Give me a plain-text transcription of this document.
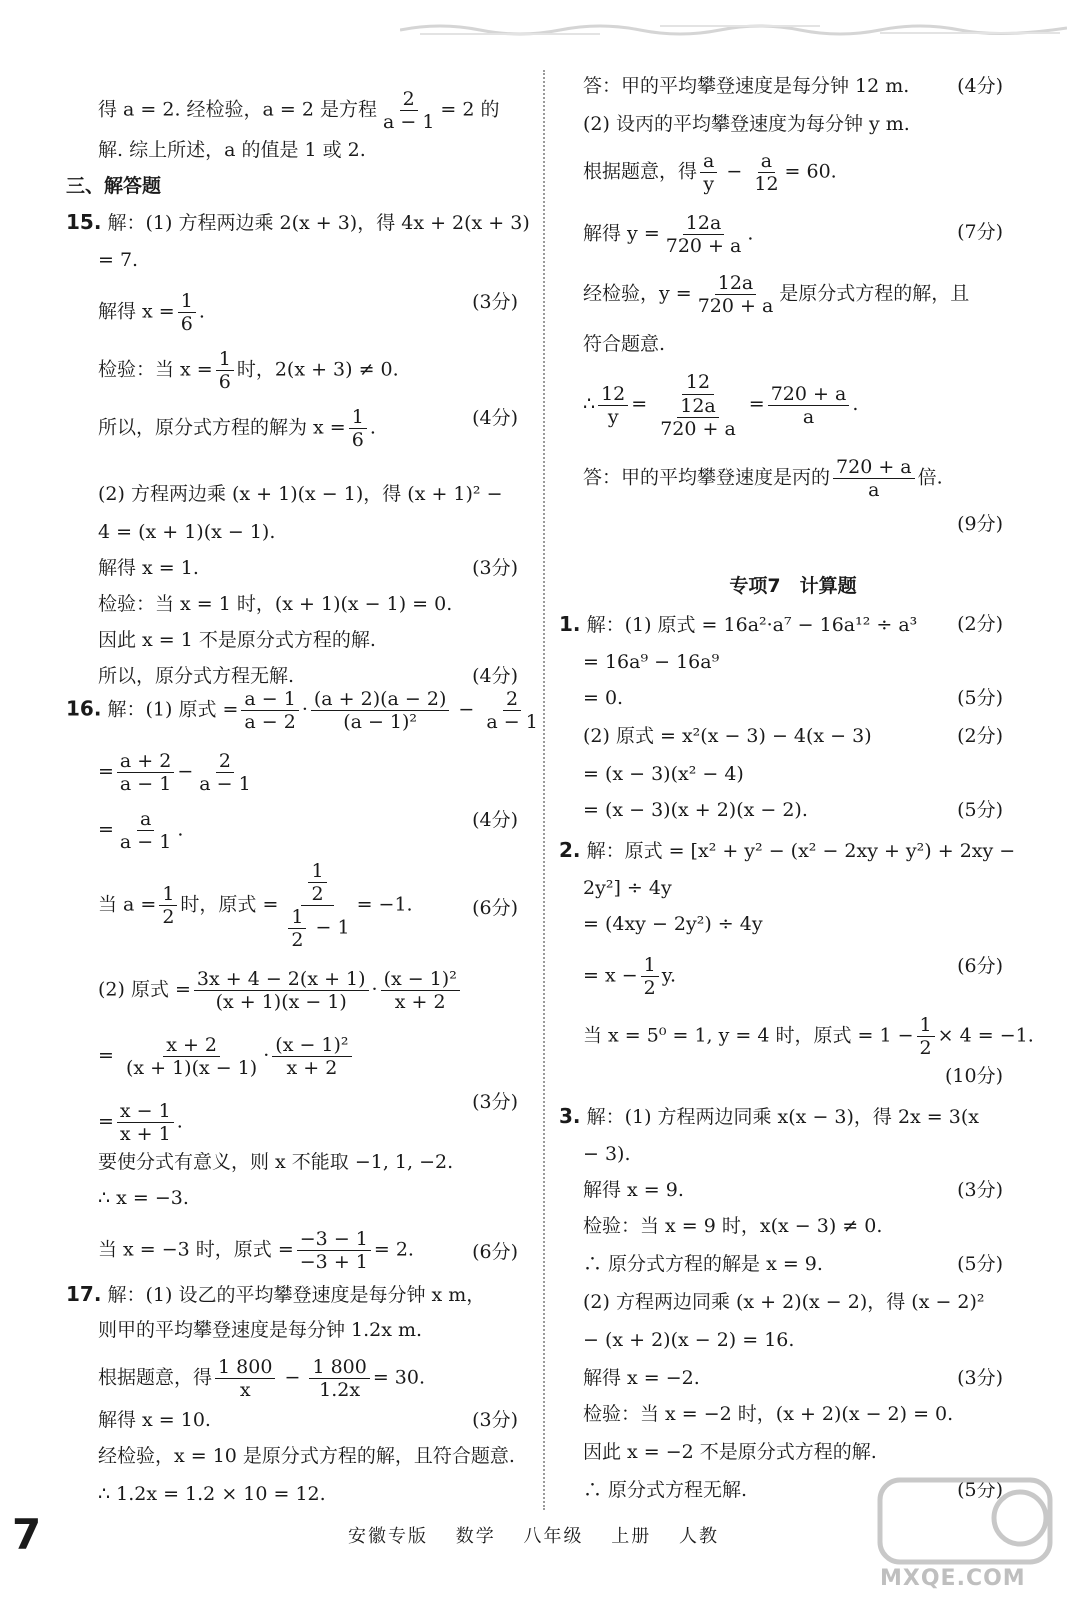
得 a = 2. 经检验，a = 2 是方程 $\frac{2}{a - 1} = 2$ 的
解. 综上所述，a 的值是 1 或 2.
三、解答题
15. 解：(1) 方程两边乘 2(x + 3)，得 4x + 2(x + 3)
= 7.
解得 $x = \frac{1}{6}$ .	(3分)
检验：当 $x = \frac{1}{6}$ 时，2(x + 3) ≠ 0.
所以，原分式方程的解为 $x = \frac{1}{6}$ .	(4分)
(2) 方程两边乘 (x + 1)(x − 1)，得 (x + 1)² −
4 = (x + 1)(x − 1).
解得 x = 1.	(3分)
检验：当 x = 1 时，(x + 1)(x − 1) = 0.
因此 x = 1 不是原分式方程的解.
所以，原分式方程无解.	(4分)
16. 解：(1) 原式 = $\frac{a - 1}{a - 2} \cdot \frac{(a + 2)(a - 2)}{\text{(a − 1)²}} - \frac{2}{a - 1}$
= $\frac{a + 2}{a - 1} - \frac{2}{a - 1}$
= $\frac{a}{a - 1}$ .	(4分)
当 $a = \frac{1}{2}$ 时，原式 = $\frac{\frac{1}{2}}{\frac{1}{2} - 1} = -1$.	(6分)
(2) 原式 = $\frac{3x + 4 - 2(x + 1)}{(x + 1)(x - 1)} \cdot \frac{\text{(x − 1)²}}{x + 2}$
= $\frac{x + 2}{(x + 1)(x - 1)} \cdot \frac{\text{(x − 1)²}}{x + 2}$
= $\frac{x - 1}{x + 1}$ .
(3分)
要使分式有意义，则 x 不能取 −1, 1, −2.
∴ x = −3.
当 x = −3 时，原式 = $\frac{-3 - 1}{-3 + 1} = 2$.	(6分)
17. 解：(1) 设乙的平均攀登速度是每分钟 x m，
则甲的平均攀登速度是每分钟 1.2x m.
根据题意，得 $\frac{1 800}{x} - \frac{1 800}{1.2x} = 30$.
解得 x = 10.	(3分)
经检验，x = 10 是原分式方程的解，且符合题意.
∴ 1.2x = 1.2 × 10 = 12.
答：甲的平均攀登速度是每分钟 12 m.	(4分)
(2) 设丙的平均攀登速度为每分钟 y m.
根据题意，得 $\frac{a}{y} - \frac{a}{12} = 60$.
解得 $y = \frac{12a}{720 + a}$ .	(7分)
经检验，$y = \frac{12a}{720 + a}$ 是原分式方程的解，且
符合题意.
∴ $\frac{12}{y} = \frac{12}{\frac{12a}{720 + a}} = \frac{720 + a}{a}$ .
答：甲的平均攀登速度是丙的 $\frac{720 + a}{a}$ 倍.
(9分)
专项7　计算题
1. 解：(1) 原式 = 16a²·a⁷ − 16a¹² ÷ a³ (2分)
= 16a⁹ − 16a⁹
= 0.	(5分)
(2) 原式 = x²(x − 3) − 4(x − 3)	(2分)
= (x − 3)(x² − 4)
= (x − 3)(x + 2)(x − 2).	(5分)
2. 解：原式 = [x² + y² − (x² − 2xy + y²) + 2xy −
2y²] ÷ 4y
= (4xy − 2y²) ÷ 4y
= $x - \frac{1}{2} y$.	(6分)
当 x = 5⁰ = 1, y = 4 时，原式 = $1 - \frac{1}{2} \times 4 = -1$.
(10分)
3. 解：(1) 方程两边同乘 x(x − 3)，得 2x = 3(x
− 3).
解得 x = 9.	(3分)
检验：当 x = 9 时，x(x − 3) ≠ 0.
∴ 原分式方程的解是 x = 9.	(5分)
(2) 方程两边同乘 (x + 2)(x − 2)，得 (x − 2)²
− (x + 2)(x − 2) = 16.
解得 x = −2.	(3分)
检验：当 x = −2 时，(x + 2)(x − 2) = 0.
因此 x = −2 不是原分式方程的解.
∴ 原分式方程无解.	(5分)
7	安徽专版 数学 八年级 上册 人教
MXQE.COM
